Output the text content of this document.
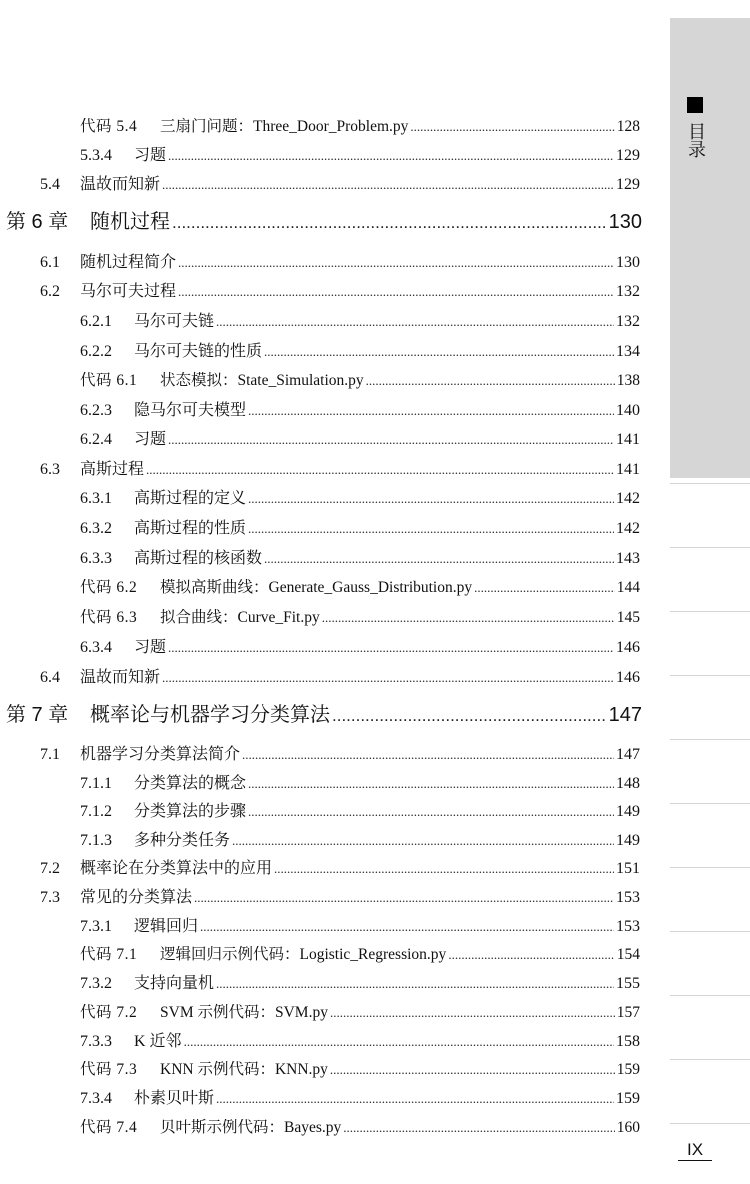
目录
代码 5.4	三扇门问题：Three_Door_Problem.py .....	128
5.3.4	习题 .....	129
5.4	温故而知新 .....	129
第 6 章	随机过程 .....	130
6.1	随机过程简介 .....	130
6.2	马尔可夫过程 .....	132
6.2.1	马尔可夫链 .....	132
6.2.2	马尔可夫链的性质 .....	134
代码 6.1	状态模拟：State_Simulation.py .....	138
6.2.3	隐马尔可夫模型 .....	140
6.2.4	习题 .....	141
6.3	高斯过程 .....	141
6.3.1	高斯过程的定义 .....	142
6.3.2	高斯过程的性质 .....	142
6.3.3	高斯过程的核函数 .....	143
代码 6.2	模拟高斯曲线：Generate_Gauss_Distribution.py .....	144
代码 6.3	拟合曲线：Curve_Fit.py .....	145
6.3.4	习题 .....	146
6.4	温故而知新 .....	146
第 7 章	概率论与机器学习分类算法 .....	147
7.1	机器学习分类算法简介 .....	147
7.1.1	分类算法的概念 .....	148
7.1.2	分类算法的步骤 .....	149
7.1.3	多种分类任务 .....	149
7.2	概率论在分类算法中的应用 .....	151
7.3	常见的分类算法 .....	153
7.3.1	逻辑回归 .....	153
代码 7.1	逻辑回归示例代码：Logistic_Regression.py .....	154
7.3.2	支持向量机 .....	155
代码 7.2	SVM 示例代码：SVM.py .....	157
7.3.3	K 近邻 .....	158
代码 7.3	KNN 示例代码：KNN.py .....	159
7.3.4	朴素贝叶斯 .....	159
代码 7.4	贝叶斯示例代码：Bayes.py .....	160
IX
